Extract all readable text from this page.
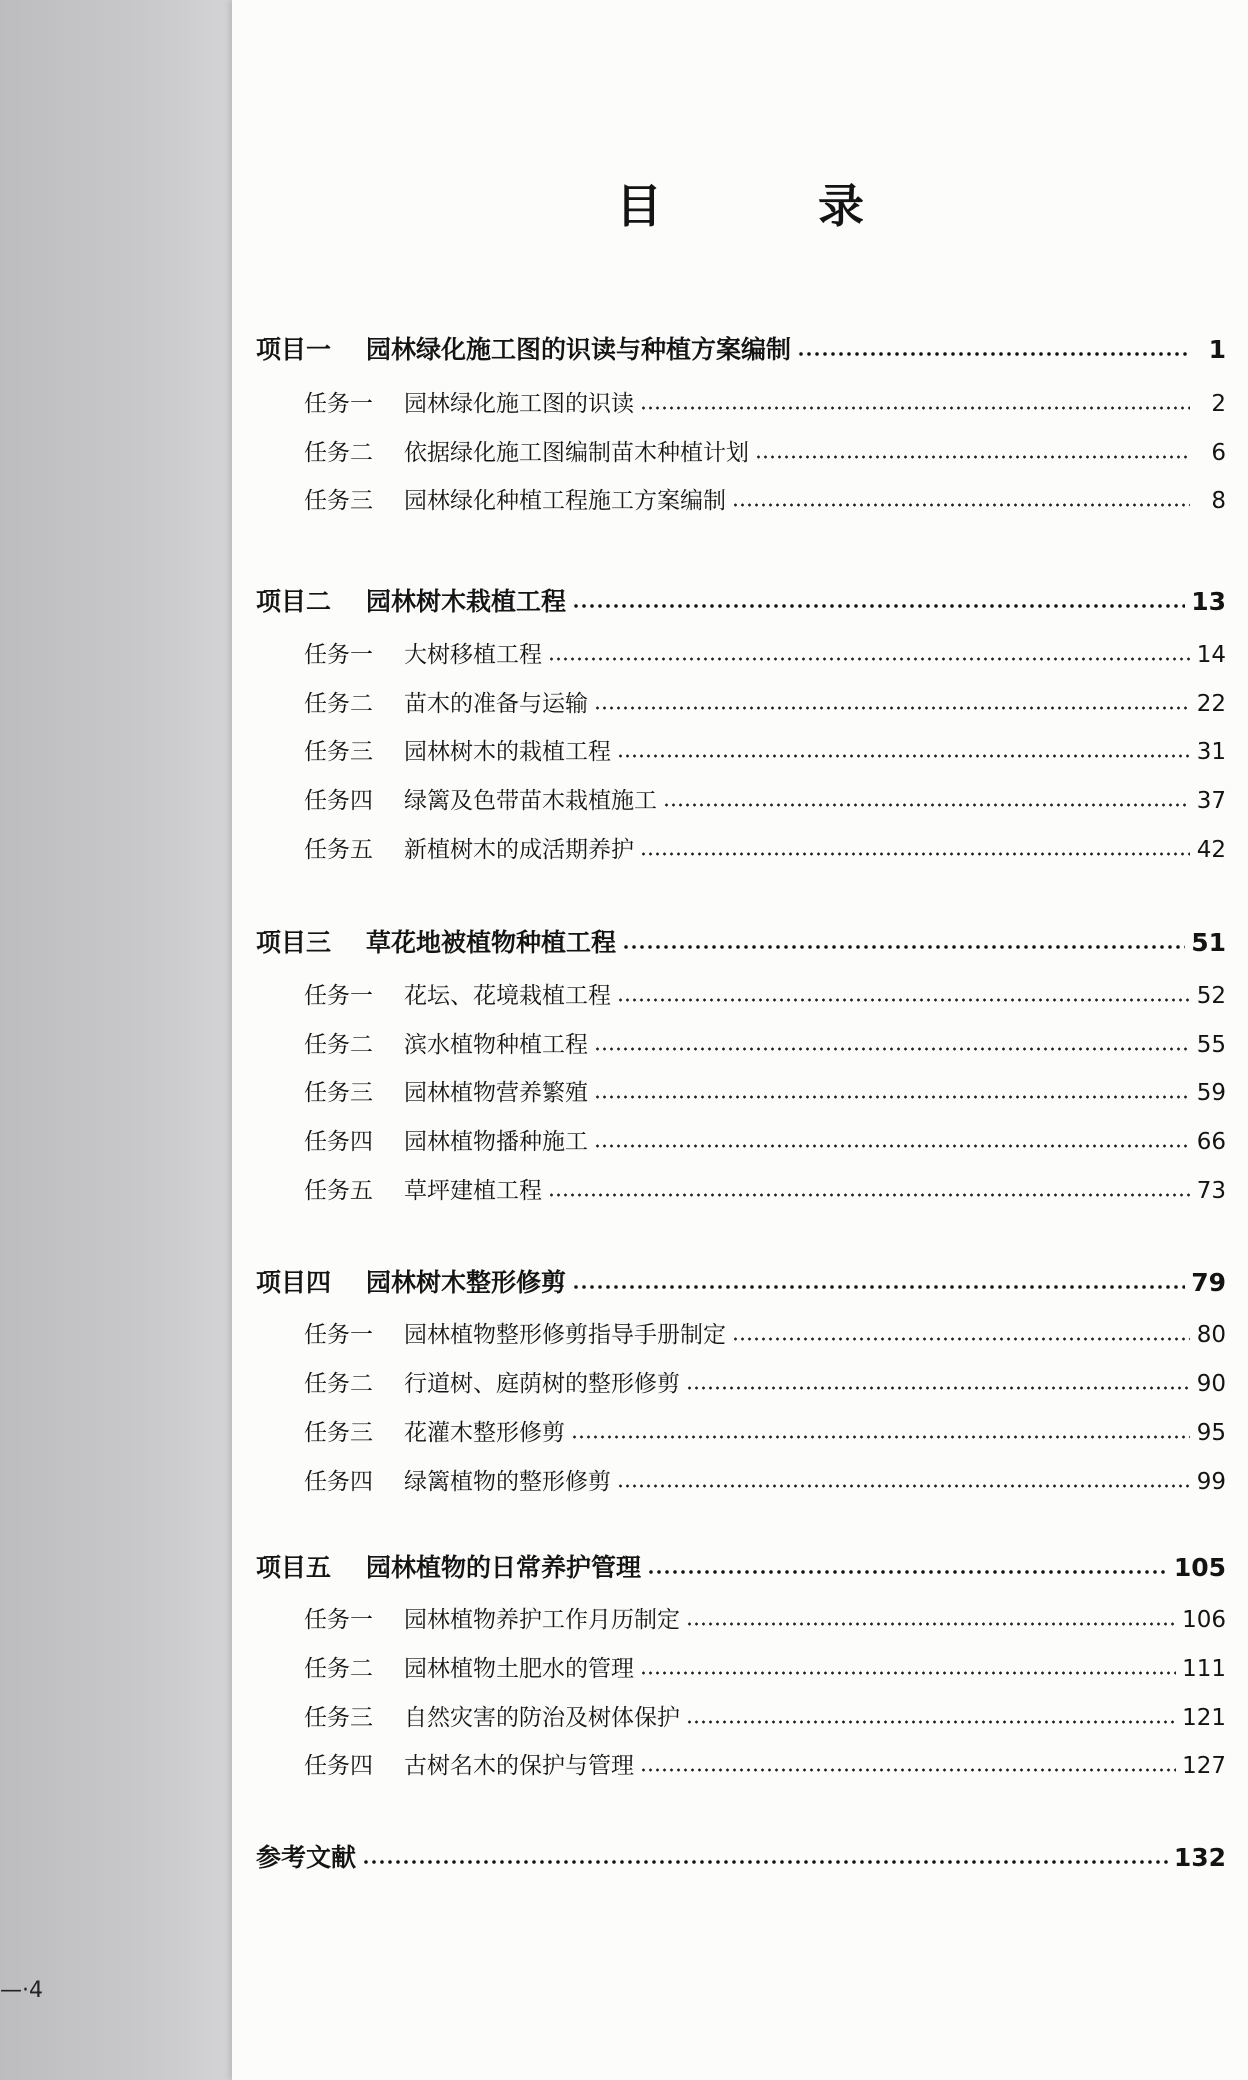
目 录
项目一	园林绿化施工图的识读与种植方案编制	1
任务一	园林绿化施工图的识读	2
任务二	依据绿化施工图编制苗木种植计划	6
任务三	园林绿化种植工程施工方案编制	8
项目二	园林树木栽植工程	13
任务一	大树移植工程	14
任务二	苗木的准备与运输	22
任务三	园林树木的栽植工程	31
任务四	绿篱及色带苗木栽植施工	37
任务五	新植树木的成活期养护	42
项目三	草花地被植物种植工程	51
任务一	花坛、花境栽植工程	52
任务二	滨水植物种植工程	55
任务三	园林植物营养繁殖	59
任务四	园林植物播种施工	66
任务五	草坪建植工程	73
项目四	园林树木整形修剪	79
任务一	园林植物整形修剪指导手册制定	80
任务二	行道树、庭荫树的整形修剪	90
任务三	花灌木整形修剪	95
任务四	绿篱植物的整形修剪	99
项目五	园林植物的日常养护管理	105
任务一	园林植物养护工作月历制定	106
任务二	园林植物土肥水的管理	111
任务三	自然灾害的防治及树体保护	121
任务四	古树名木的保护与管理	127
参考文献	132
—·4
